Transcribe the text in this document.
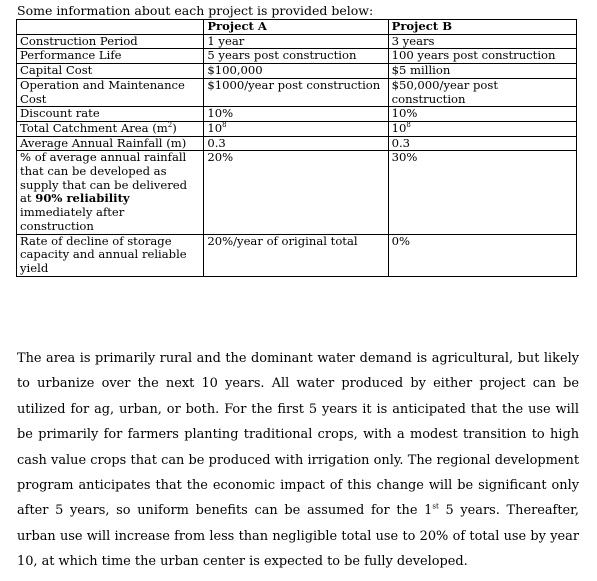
Some information about each project is provided below:
	Project A	Project B
Construction Period	1 year	3 years
Performance Life	5 years post construction	100 years post construction
Capital Cost	$100,000	$5 million
Operation and Maintenance Cost	$1000/year post construction	$50,000/year post construction
Discount rate	10%	10%
Total Catchment Area $(m^2)$	$10^8$	$10^8$
Average Annual Rainfall (m)	0.3	0.3
% of average annual rainfall that can be developed as supply that can be delivered at 90% reliability immediately after construction	20%	30%
Rate of decline of storage capacity and annual reliable yield	20%/year of original total	0%

The area is primarily rural and the dominant water demand is agricultural, but likely to urbanize over the next 10 years. All water produced by either project can be utilized for ag, urban, or both. For the first 5 years it is anticipated that the use will be primarily for farmers planting traditional crops, with a modest transition to high cash value crops that can be produced with irrigation only. The regional development program anticipates that the economic impact of this change will be significant only after 5 years, so uniform benefits can be assumed for the 1st 5 years. Thereafter, urban use will increase from less than negligible total use to 20% of total use by year 10, at which time the urban center is expected to be fully developed.
